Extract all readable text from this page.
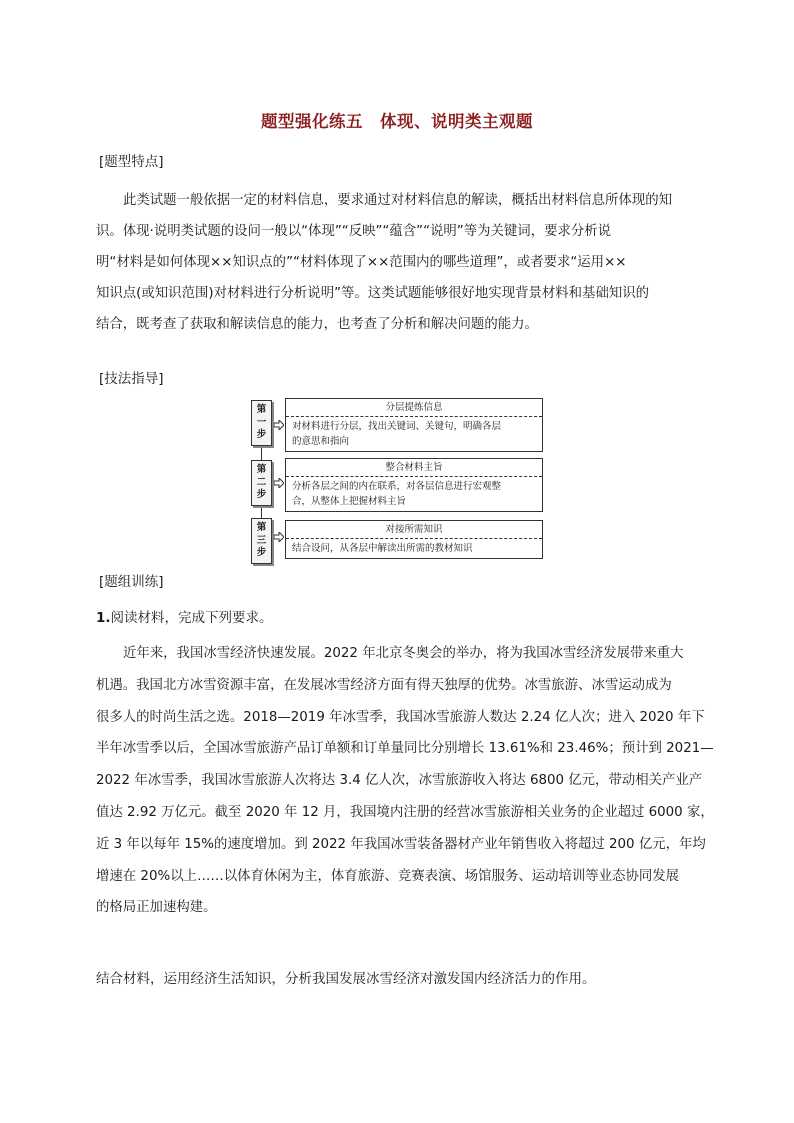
题型强化练五　体现、说明类主观题
[题型特点]
此类试题一般依据一定的材料信息，要求通过对材料信息的解读，概括出材料信息所体现的知
识。体现·说明类试题的设问一般以“体现”“反映”“蕴含”“说明”等为关键词，要求分析说
明“材料是如何体现××知识点的”“材料体现了××范围内的哪些道理”，或者要求“运用××
知识点(或知识范围)对材料进行分析说明”等。这类试题能够很好地实现背景材料和基础知识的
结合，既考查了获取和解读信息的能力，也考查了分析和解决问题的能力。
[技法指导]
第
一
步
分层提炼信息
对材料进行分层，找出关键词、关键句，明确各层
的意思和指向
第
二
步
整合材料主旨
分析各层之间的内在联系，对各层信息进行宏观整
合，从整体上把握材料主旨
第
三
步
对接所需知识
结合设问，从各层中解读出所需的教材知识
[题组训练]
1.阅读材料，完成下列要求。
近年来，我国冰雪经济快速发展。2022 年北京冬奥会的举办，将为我国冰雪经济发展带来重大
机遇。我国北方冰雪资源丰富，在发展冰雪经济方面有得天独厚的优势。冰雪旅游、冰雪运动成为
很多人的时尚生活之选。2018—2019 年冰雪季，我国冰雪旅游人数达 2.24 亿人次；进入 2020 年下
半年冰雪季以后，全国冰雪旅游产品订单额和订单量同比分别增长 13.61%和 23.46%；预计到 2021—
2022 年冰雪季，我国冰雪旅游人次将达 3.4 亿人次，冰雪旅游收入将达 6800 亿元，带动相关产业产
值达 2.92 万亿元。截至 2020 年 12 月，我国境内注册的经营冰雪旅游相关业务的企业超过 6000 家，
近 3 年以每年 15%的速度增加。到 2022 年我国冰雪装备器材产业年销售收入将超过 200 亿元，年均
增速在 20%以上……以体育休闲为主，体育旅游、竞赛表演、场馆服务、运动培训等业态协同发展
的格局正加速构建。
结合材料，运用经济生活知识，分析我国发展冰雪经济对激发国内经济活力的作用。
